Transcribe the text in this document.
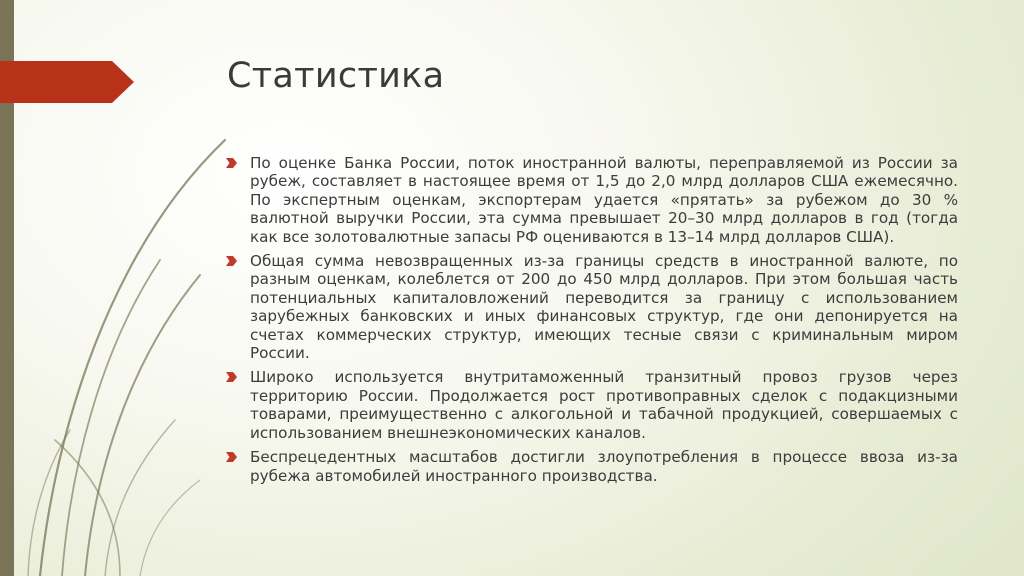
Статистика

По оценке Банка России, поток иностранной валюты, переправляемой из России за рубеж, составляет в настоящее время от 1,5 до 2,0 млрд долларов США ежемесячно. По экспертным оценкам, экспортерам удается «прятать» за рубежом до 30 % валютной выручки России, эта сумма превышает 20–30 млрд долларов в год (тогда как все золотовалютные запасы РФ оцениваются в 13–14 млрд долларов США).

Общая сумма невозвращенных из-за границы средств в иностранной валюте, по разным оценкам, колеблется от 200 до 450 млрд долларов. При этом большая часть потенциальных капиталовложений переводится за границу с использованием зарубежных банковских и иных финансовых структур, где они депонируется на счетах коммерческих структур, имеющих тесные связи с криминальным миром России.

Широко используется внутритаможенный транзитный провоз грузов через территорию России. Продолжается рост противоправных сделок с подакцизными товарами, преимущественно с алкогольной и табачной продукцией, совершаемых с использованием внешнеэкономических каналов.

Беспрецедентных масштабов достигли злоупотребления в процессе ввоза из-за рубежа автомобилей иностранного производства.
